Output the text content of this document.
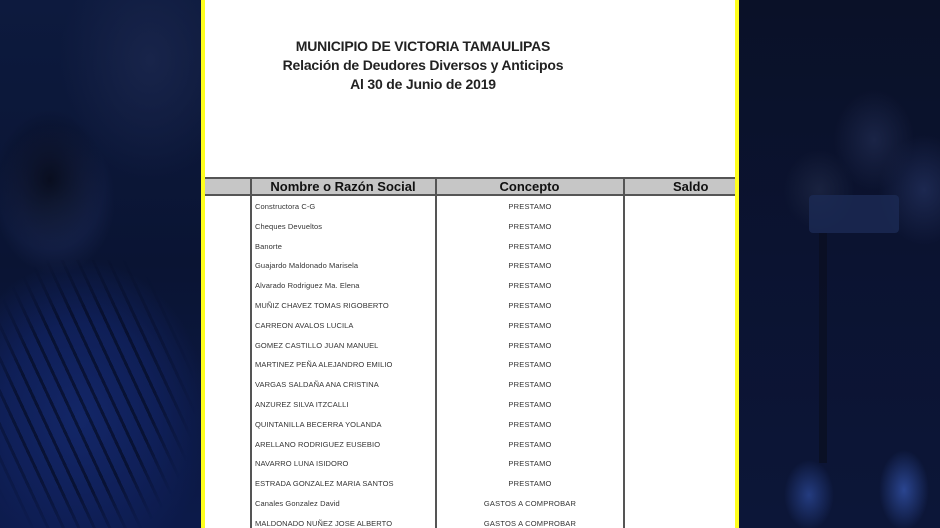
MUNICIPIO DE VICTORIA TAMAULIPAS
Relación de Deudores Diversos y Anticipos
Al 30 de Junio de 2019
Nombre o Razón Social	Concepto	Saldo
Constructora C-G	PRESTAMO
Cheques Devueltos	PRESTAMO
Banorte	PRESTAMO
Guajardo Maldonado Marisela	PRESTAMO
Alvarado Rodriguez Ma. Elena	PRESTAMO
MUÑIZ CHAVEZ TOMAS RIGOBERTO	PRESTAMO
CARREON AVALOS LUCILA	PRESTAMO
GOMEZ CASTILLO JUAN MANUEL	PRESTAMO
MARTINEZ PEÑA ALEJANDRO EMILIO	PRESTAMO
VARGAS SALDAÑA ANA CRISTINA	PRESTAMO
ANZUREZ SILVA ITZCALLI	PRESTAMO
QUINTANILLA BECERRA YOLANDA	PRESTAMO
ARELLANO RODRIGUEZ EUSEBIO	PRESTAMO
NAVARRO LUNA ISIDORO	PRESTAMO
ESTRADA GONZALEZ MARIA SANTOS	PRESTAMO
Canales Gonzalez David	GASTOS A COMPROBAR
MALDONADO NUÑEZ JOSE ALBERTO	GASTOS A COMPROBAR
